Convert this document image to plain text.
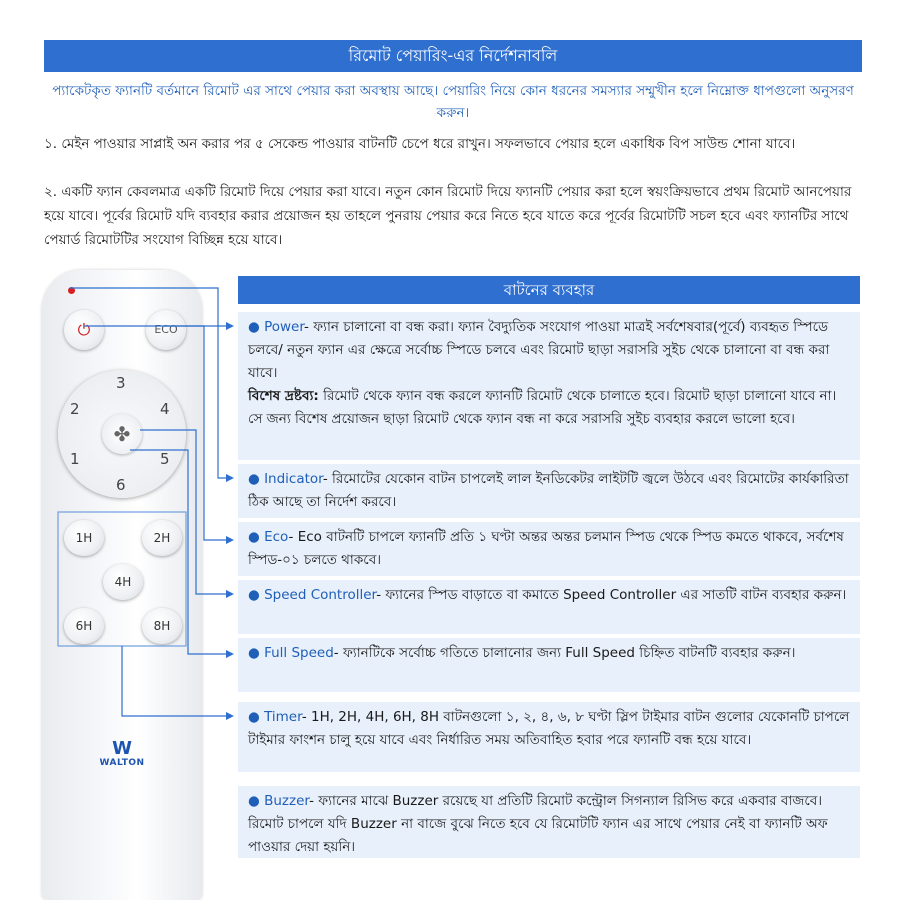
রিমোট পেয়ারিং-এর নির্দেশনাবলি
প্যাকেটকৃত ফ্যানটি বর্তমানে রিমোট এর সাথে পেয়ার করা অবস্থায় আছে। পেয়ারিং নিয়ে কোন ধরনের সমস্যার সম্মুখীন হলে নিম্নোক্ত ধাপগুলো অনুসরণ করুন।
১. মেইন পাওয়ার সাপ্লাই অন করার পর ৫ সেকেন্ড পাওয়ার বাটনটি চেপে ধরে রাখুন। সফলভাবে পেয়ার হলে একাধিক বিপ সাউন্ড শোনা যাবে।
২. একটি ফ্যান কেবলমাত্র একটি রিমোট দিয়ে পেয়ার করা যাবে। নতুন কোন রিমোট দিয়ে ফ্যানটি পেয়ার করা হলে স্বয়ংক্রিয়ভাবে প্রথম রিমোট আনপেয়ার হয়ে যাবে। পূর্বের রিমোট যদি ব্যবহার করার প্রয়োজন হয় তাহলে পুনরায় পেয়ার করে নিতে হবে যাতে করে পূর্বের রিমোটটি সচল হবে এবং ফ্যানটির সাথে পেয়ার্ড রিমোটটির সংযোগ বিচ্ছিন্ন হয়ে যাবে।
⏻	ECO
3
4
5
6
1
2
✤
1H	2H
4H
6H	8H
W
WALTON
বাটনের ব্যবহার
● Power- ফ্যান চালানো বা বন্ধ করা। ফ্যান বৈদ্যুতিক সংযোগ পাওয়া মাত্রই সর্বশেষবার(পূর্বে) ব্যবহৃত স্পিডে চলবে/ নতুন ফ্যান এর ক্ষেত্রে সর্বোচ্চ স্পিডে চলবে এবং রিমোট ছাড়া সরাসরি সুইচ থেকে চালানো বা বন্ধ করা যাবে।
বিশেষ দ্রষ্টব্য: রিমোট থেকে ফ্যান বন্ধ করলে ফ্যানটি রিমোট থেকে চালাতে হবে। রিমোট ছাড়া চালানো যাবে না। সে জন্য বিশেষ প্রয়োজন ছাড়া রিমোট থেকে ফ্যান বন্ধ না করে সরাসরি সুইচ ব্যবহার করলে ভালো হবে।
● Indicator- রিমোটের যেকোন বাটন চাপলেই লাল ইনডিকেটর লাইটটি জ্বলে উঠবে এবং রিমোটের কার্যকারিতা ঠিক আছে তা নির্দেশ করবে।
● Eco- Eco বাটনটি চাপলে ফ্যানটি প্রতি ১ ঘণ্টা অন্তর অন্তর চলমান স্পিড থেকে স্পিড কমতে থাকবে, সর্বশেষ স্পিড-০১ চলতে থাকবে।
● Speed Controller- ফ্যানের স্পিড বাড়াতে বা কমাতে Speed Controller এর সাতটি বাটন ব্যবহার করুন।
● Full Speed- ফ্যানটিকে সর্বোচ্চ গতিতে চালানোর জন্য Full Speed চিহ্নিত বাটনটি ব্যবহার করুন।
● Timer- 1H, 2H, 4H, 6H, 8H বাটনগুলো ১, ২, ৪, ৬, ৮ ঘণ্টা স্লিপ টাইমার বাটন গুলোর যেকোনটি চাপলে টাইমার ফাংশন চালু হয়ে যাবে এবং নির্ধারিত সময় অতিবাহিত হবার পরে ফ্যানটি বন্ধ হয়ে যাবে।
● Buzzer- ফ্যানের মাঝে Buzzer রয়েছে যা প্রতিটি রিমোট কন্ট্রোল সিগন্যাল রিসিভ করে একবার বাজবে। রিমোট চাপলে যদি Buzzer না বাজে বুঝে নিতে হবে যে রিমোটটি ফ্যান এর সাথে পেয়ার নেই বা ফ্যানটি অফ পাওয়ার দেয়া হয়নি।
